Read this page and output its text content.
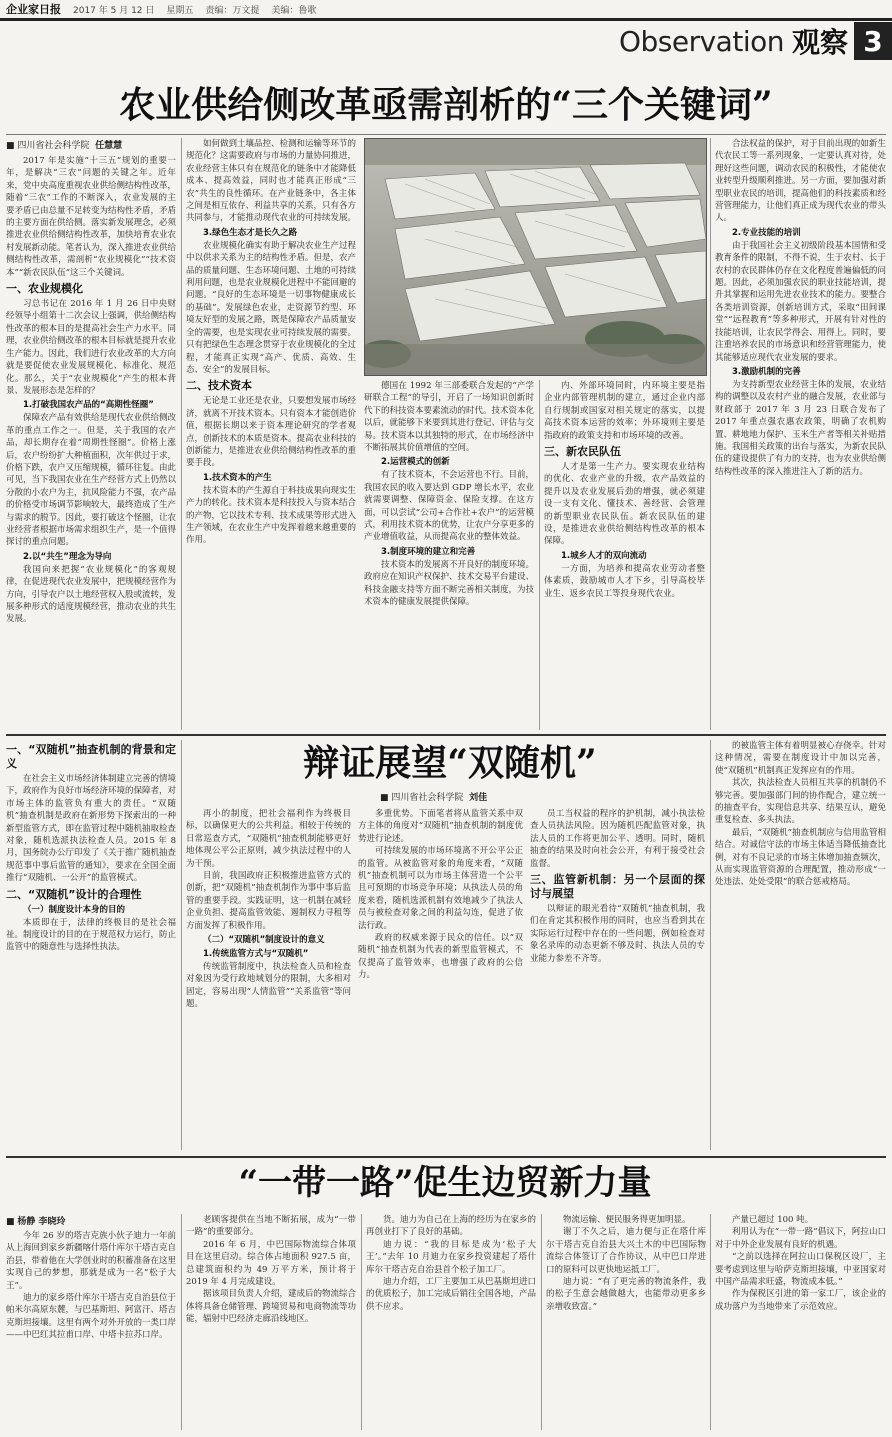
企业家日报 2017 年 5 月 12 日 星期五 责编：万文提 美编：鲁歌
Observation 观察 3
农业供给侧改革亟需剖析的“三个关键词”
■ 四川省社会科学院 任慧慧

2017 年是实施“十三五”规划的重要一年，是解决“三农”问题的关键之年。近年来，党中央高度重视农业供给侧结构性改革，随着“三农”工作的不断深入，农业发展的主要矛盾已由总量不足转变为结构性矛盾，矛盾的主要方面在供给侧。落实新发展理念，必须推进农业供给侧结构性改革，加快培育农业农村发展新动能。笔者认为，深入推进农业供给侧结构性改革，需剖析“农业规模化”“技术资本”“新农民队伍”这三个关键词。

一、农业规模化

习总书记在 2016 年 1 月 26 日中央财经领导小组第十二次会议上强调，供给侧结构性改革的根本目的是提高社会生产力水平。同理，农业供给侧改革的根本目标就是提升农业生产能力。因此，我们进行农业改革的大方向就是要促使农业发展规模化、标准化、规范化。那么，关于“农业规模化”产生的根本背景、发展形态是怎样的？

1.打破我国农产品的“高期性怪圈”

保障农产品有效供给是现代农业供给侧改革的重点工作之一。但是，关于我国的农产品，却长期存在着“周期性怪圈”。价格上涨后，农户纷纷扩大种植面积，次年供过于求，价格下跌，农户又压缩规模，循环往复。由此可见，当下我国农业在生产经营方式上仍然以分散的小农户为主，抗风险能力不强，农产品的价格受市场调节影响较大，最终造成了生产与需求的脱节。因此，要打破这个怪圈，让农业经营者根据市场需求组织生产，是一个值得探讨的重点问题。

2.以“共生”理念为导向

我国向来把握“农业规模化”的客观规律，在促进现代农业发展中，把规模经营作为方向，引导农户以土地经营权入股或流转，发展多种形式的适度规模经营，推动农业的共生发展。

如何做到土壤品控、检测和运输等环节的规范化？这需要政府与市场的力量协同推进，农业经营主体只有在规范化的链条中才能降低成本、提高效益，同时也才能真正形成“三农”共生的良性循环。在产业链条中，各主体之间是相互依存、利益共享的关系，只有各方共同参与，才能推动现代农业的可持续发展。

3.绿色生态才是长久之路

农业规模化确实有助于解决农业生产过程中以供求关系为主的结构性矛盾。但是，农产品的质量问题、生态环境问题、土地的可持续利用问题，也是农业规模化进程中不能回避的问题。“良好的生态环境是一切事物健康成长的基础”。发展绿色农业，走资源节约型、环境友好型的发展之路，既是保障农产品质量安全的需要，也是实现农业可持续发展的需要。只有把绿色生态理念贯穿于农业规模化的全过程，才能真正实现“高产、优质、高效、生态、安全”的发展目标。

二、技术资本

无论是工业还是农业，只要想发展市场经济，就离不开技术资本。只有资本才能创造价值，根据长期以来于资本理论研究的学者观点，创新技术的本质是资本。提高农业科技的创新能力，是推进农业供给侧结构性改革的重要手段。

1.技术资本的产生

技术资本的产生源自于科技成果向现实生产力的转化。技术资本是科技投入与资本结合的产物，它以技术专利、技术成果等形式进入生产领域，在农业生产中发挥着越来越重要的作用。

德国在 1992 年三部委联合发起的“产学研联合工程”的导引，开启了一场知识创新时代下的科技资本要素流动的时代。技术资本化以后，就能够下来要到其进行登记、评估与交易。技术资本以其独特的形式，在市场经济中不断拓展其价值增值的空间。

2.运营模式的创新

有了技术资本，不会运营也不行。目前，我国农民的收入要达到 GDP 增长水平，农业就需要调整、保障资金、保险支撑。在这方面，可以尝试“公司+合作社+农户”的运营模式，利用技术资本的优势，让农户分享更多的产业增值收益，从而提高农业的整体效益。

3.制度环境的建立和完善

技术资本的发展离不开良好的制度环境。政府应在知识产权保护、技术交易平台建设、科技金融支持等方面不断完善相关制度，为技术资本的健康发展提供保障。

内、外部环境同时，内环境主要是指企业内部管理机制的建立，通过企业内部自行规制或国家对相关规定的落实，以提高技术资本运营的效率；外环境则主要是指政府的政策支持和市场环境的改善。

三、新农民队伍

人才是第一生产力。要实现农业结构的优化、农业产业的升级，农产品效益的提升以及农业发展后劲的增强，就必须建设一支有文化、懂技术、善经营、会管理的新型职业农民队伍。新农民队伍的建设，是推进农业供给侧结构性改革的根本保障。

1.城乡人才的双向流动

一方面，为培养和提高农业劳动者整体素质，鼓励城市人才下乡，引导高校毕业生、返乡农民工等投身现代农业。

合法权益的保护，对于目前出现的如新生代农民工等一系列现象，一定要认真对待，处理好这些问题，调动农民的积极性，才能使农业转型升级顺利推进。另一方面，要加强对新型职业农民的培训，提高他们的科技素质和经营管理能力，让他们真正成为现代农业的带头人。

2.专业技能的培训

由于我国社会主义初级阶段基本国情和受教育条件的限制，不得不说，生于农村、长于农村的农民群体仍存在文化程度普遍偏低的问题。因此，必须加强农民的职业技能培训，提升其掌握和运用先进农业技术的能力。要整合各类培训资源，创新培训方式，采取“田间课堂”“远程教育”等多种形式，开展有针对性的技能培训，让农民学得会、用得上。同时，要注重培养农民的市场意识和经营管理能力，使其能够适应现代农业发展的要求。

3.激励机制的完善

为支持新型农业经营主体的发展，农业结构的调整以及农村产业的融合发展，农业部与财政部于 2017 年 3 月 23 日联合发布了 2017 年重点强农惠农政策，明确了农机购置、耕地地力保护、玉米生产者等相关补贴措施。我国相关政策的出台与落实，为新农民队伍的建设提供了有力的支持，也为农业供给侧结构性改革的深入推进注入了新的活力。

辩证展望“双随机”
■ 四川省社会科学院 刘佳
一、“双随机”抽查机制的背景和定义

在社会主义市场经济体制建立完善的情境下，政府作为良好市场经济环境的保障者，对市场主体的监管负有重大的责任。“双随机”抽查机制是政府在新形势下探索出的一种新型监管方式，即在监管过程中随机抽取检查对象，随机选派执法检查人员。2015 年 8 月，国务院办公厅印发了《关于推广随机抽查规范事中事后监管的通知》，要求在全国全面推行“双随机、一公开”的监管模式。

二、“双随机”设计的合理性
（一）制度设计本身的目的

本质即在于，法律的终极目的是社会福祉。制度设计的目的在于规范权力运行，防止监管中的随意性与选择性执法。

再小的制度，把社会福利作为终极目标，以确保更大的公共利益。相较于传统的日常巡查方式，“双随机”抽查机制能够更好地体现公平公正原则，减少执法过程中的人为干预。

目前，我国政府正积极推进监管方式的创新，把“双随机”抽查机制作为事中事后监管的重要手段。实践证明，这一机制在减轻企业负担、提高监管效能、遏制权力寻租等方面发挥了积极作用。

（二）“双随机”制度设计的意义
1.传统监管方式与“双随机”

传统监管制度中，执法检查人员和检查对象因为受行政地域划分的限制，大多相对固定，容易出现“人情监管”“关系监管”等问题。

多重优势。下面笔者将从监管关系中双方主体的角度对“双随机”抽查机制的制度优势进行论述。

可持续发展的市场环境离不开公平公正的监管。从被监管对象的角度来看，“双随机”抽查机制可以为市场主体营造一个公平且可预期的市场竞争环境；从执法人员的角度来看，随机选派机制有效地减少了执法人员与被检查对象之间的利益勾连，促进了依法行政。

政府的权威来源于民众的信任。以“双随机”抽查机制为代表的新型监管模式，不仅提高了监管效率，也增强了政府的公信力。

员工当权益的程序的护机制，减小执法检查人员执法风险。因为随机匹配监管对象，执法人员的工作将更加公平、透明。同时，随机抽查的结果及时向社会公开，有利于接受社会监督。

三、监管新机制：另一个层面的探讨与展望

以辩证的眼光看待“双随机”抽查机制，我们在肯定其积极作用的同时，也应当看到其在实际运行过程中存在的一些问题，例如检查对象名录库的动态更新不够及时、执法人员的专业能力参差不齐等。

的被监管主体有着明显被心存侥幸。针对这种情况，需要在制度设计中加以完善，使“双随机”机制真正发挥应有的作用。

其次，执法检查人员相互共享的机制仍不够完善。要加强部门间的协作配合，建立统一的抽查平台，实现信息共享、结果互认，避免重复检查、多头执法。

最后，“双随机”抽查机制应与信用监管相结合。对诚信守法的市场主体适当降低抽查比例，对有不良记录的市场主体增加抽查频次，从而实现监管资源的合理配置，推动形成“一处违法、处处受限”的联合惩戒格局。

“一带一路”促生边贸新力量
■ 杨静 李晓玲

今年 26 岁的塔吉克族小伙子迪力一年前从上海回到家乡新疆喀什塔什库尔干塔吉克自治县，带着他在大学创业时的积蓄准备在这里实现自己的梦想，那就是成为一名“松子大王”。

迪力的家乡塔什库尔干塔吉克自治县位于帕米尔高原东麓，与巴基斯坦、阿富汗、塔吉克斯坦接壤。这里有两个对外开放的一类口岸——中巴红其拉甫口岸、中塔卡拉苏口岸。

老顾客提供在当地不断拓展，成为“一带一路”的重要部分。

2016 年 6 月，中巴国际物流综合体项目在这里启动。综合体占地面积 927.5 亩，总建筑面积约为 49 万平方米，预计将于 2019 年 4 月完成建设。

据该项目负责人介绍，建成后的物流综合体将具备仓储管理、跨境贸易和电商物流等功能，辐射中巴经济走廊沿线地区。

货。迪力为自己在上海的经历为在家乡的再创业打下了良好的基础。

迪力说：“我的目标是成为‘松子大王’。”去年 10 月迪力在家乡投资建起了塔什库尔干塔吉克自治县首个松子加工厂。

迪力介绍，工厂主要加工从巴基斯坦进口的优质松子，加工完成后销往全国各地，产品供不应求。

物流运输、便民服务得更加明显。

谢丁不久之后，迪力便与正在塔什库尔干塔吉克自治县大兴土木的中巴国际物流综合体签订了合作协议，从中巴口岸进口的原料可以更快地运抵工厂。

迪力说：“有了更完善的物流条件，我的松子生意会越做越大，也能带动更多乡亲增收致富。”

产量已超过 100 吨。

利用认为在“一带一路”倡议下，阿拉山口对于中外企业发展有良好的机遇。

“之前以选择在阿拉山口保税区设厂，主要考虑到这里与哈萨克斯坦接壤，中亚国家对中国产品需求旺盛，物流成本低。”

作为保税区引进的第一家工厂，该企业的成功落户为当地带来了示范效应。
